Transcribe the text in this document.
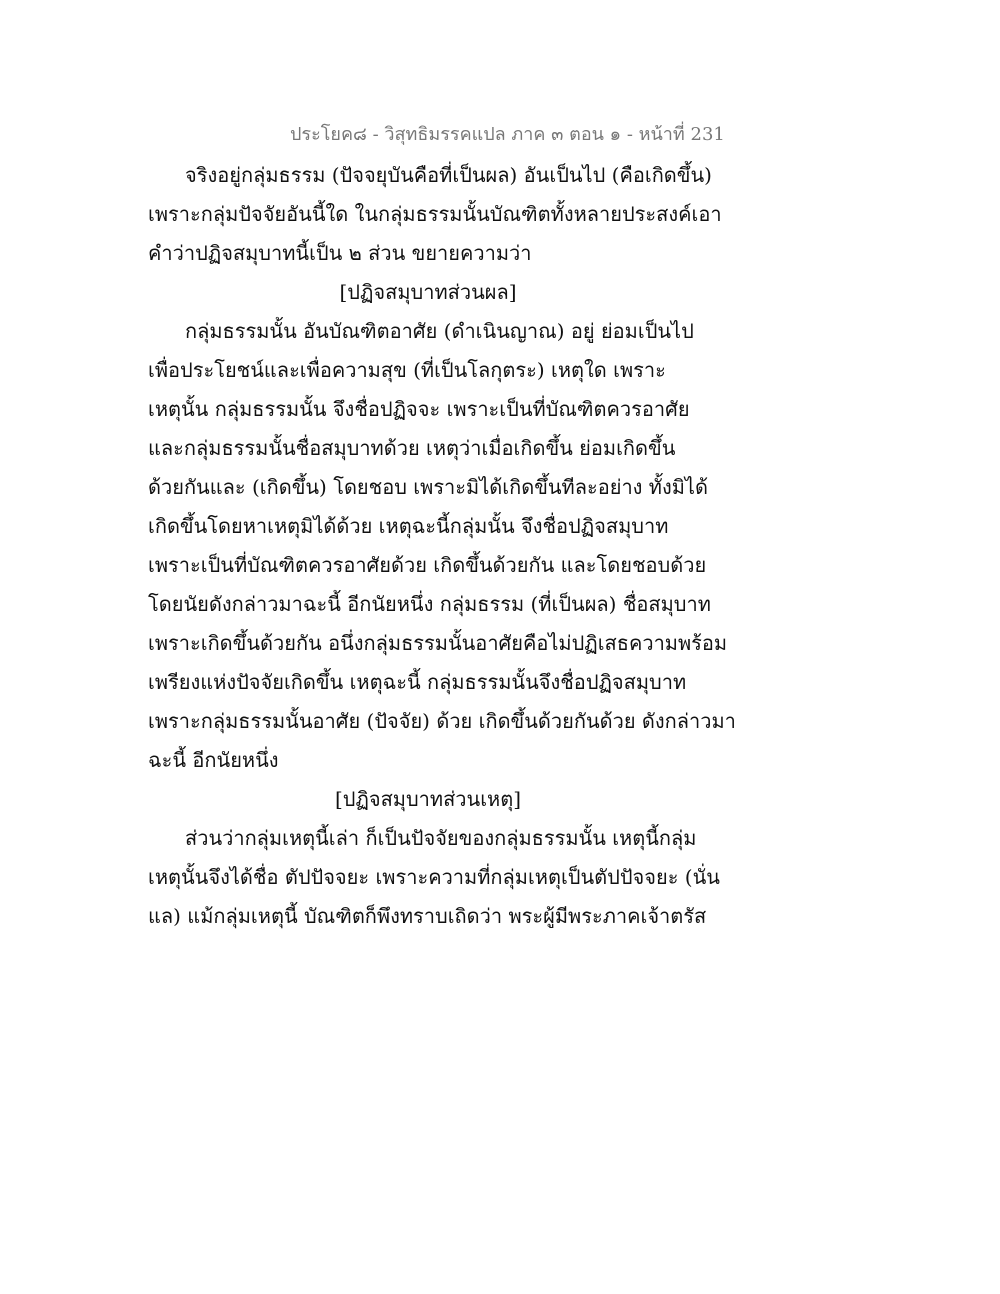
ประโยค๘ - วิสุทธิมรรคแปล ภาค ๓ ตอน ๑ - หน้าที่ 231
จริงอยู่กลุ่มธรรม (ปัจจยุบันคือที่เป็นผล) อันเป็นไป (คือเกิดขึ้น)
เพราะกลุ่มปัจจัยอันนี้ใด ในกลุ่มธรรมนั้นบัณฑิตทั้งหลายประสงค์เอา
คำว่าปฏิจสมุบาทนี้เป็น ๒ ส่วน ขยายความว่า
[ปฏิจสมุบาทส่วนผล]
กลุ่มธรรมนั้น อันบัณฑิตอาศัย (ดำเนินญาณ) อยู่ ย่อมเป็นไป
เพื่อประโยชน์และเพื่อความสุข (ที่เป็นโลกุตระ) เหตุใด เพราะ
เหตุนั้น กลุ่มธรรมนั้น จึงชื่อปฏิจจะ เพราะเป็นที่บัณฑิตควรอาศัย
และกลุ่มธรรมนั้นชื่อสมุบาทด้วย เหตุว่าเมื่อเกิดขึ้น ย่อมเกิดขึ้น
ด้วยกันและ (เกิดขึ้น) โดยชอบ เพราะมิได้เกิดขึ้นทีละอย่าง ทั้งมิได้
เกิดขึ้นโดยหาเหตุมิได้ด้วย เหตุฉะนี้กลุ่มนั้น จึงชื่อปฏิจสมุบาท
เพราะเป็นที่บัณฑิตควรอาศัยด้วย เกิดขึ้นด้วยกัน และโดยชอบด้วย
โดยนัยดังกล่าวมาฉะนี้ อีกนัยหนึ่ง กลุ่มธรรม (ที่เป็นผล) ชื่อสมุบาท
เพราะเกิดขึ้นด้วยกัน อนึ่งกลุ่มธรรมนั้นอาศัยคือไม่ปฏิเสธความพร้อม
เพรียงแห่งปัจจัยเกิดขึ้น เหตุฉะนี้ กลุ่มธรรมนั้นจึงชื่อปฏิจสมุบาท
เพราะกลุ่มธรรมนั้นอาศัย (ปัจจัย) ด้วย เกิดขึ้นด้วยกันด้วย ดังกล่าวมา
ฉะนี้ อีกนัยหนึ่ง
[ปฏิจสมุบาทส่วนเหตุ]
ส่วนว่ากลุ่มเหตุนี้เล่า ก็เป็นปัจจัยของกลุ่มธรรมนั้น เหตุนี้กลุ่ม
เหตุนั้นจึงได้ชื่อ ตัปปัจจยะ เพราะความที่กลุ่มเหตุเป็นตัปปัจจยะ (นั่น
แล) แม้กลุ่มเหตุนี้ บัณฑิตก็พึงทราบเถิดว่า พระผู้มีพระภาคเจ้าตรัส
